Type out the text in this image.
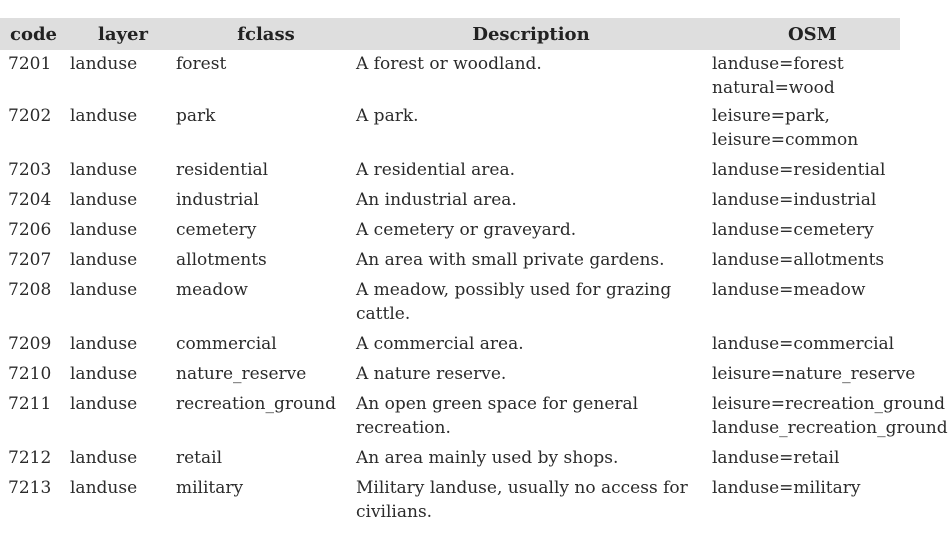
code	layer	fclass	Description	OSM
7201	landuse	forest	A forest or woodland.	landuse=forest
natural=wood

7202	landuse	park	A park.	leisure=park,
leisure=common

7203	landuse	residential	A residential area.	landuse=residential

7204	landuse	industrial	An industrial area.	landuse=industrial

7206	landuse	cemetery	A cemetery or graveyard.	landuse=cemetery

7207	landuse	allotments	An area with small private gardens.	landuse=allotments

7208	landuse	meadow	A meadow, possibly used for grazing cattle.	landuse=meadow

7209	landuse	commercial	A commercial area.	landuse=commercial

7210	landuse	nature_reserve	A nature reserve.	leisure=nature_reserve

7211	landuse	recreation_ground	An open green space for general recreation.	leisure=recreation_ground
landuse_recreation_ground

7212	landuse	retail	An area mainly used by shops.	landuse=retail

7213	landuse	military	Military landuse, usually no access for civilians.	landuse=military
